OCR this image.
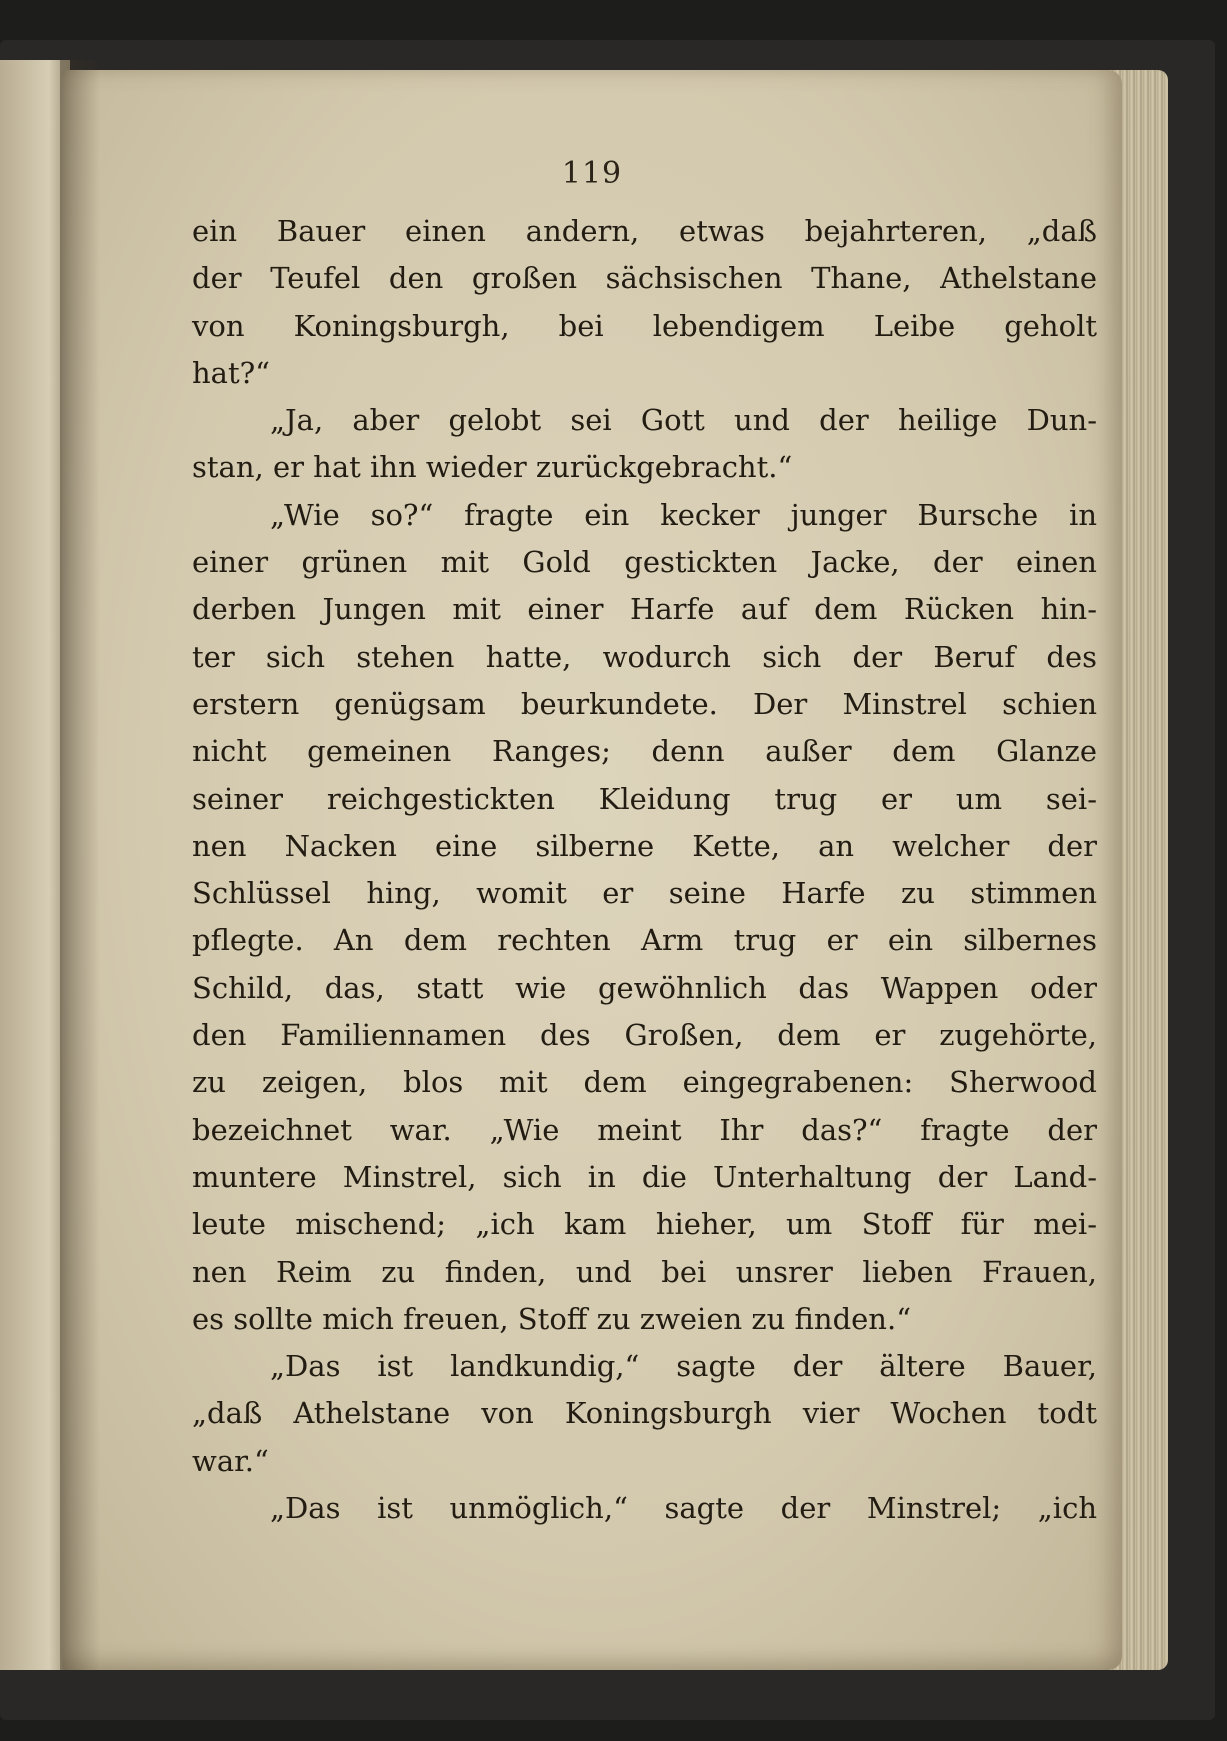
119
ein Bauer einen andern, etwas bejahrteren, „daß
der Teufel den großen sächsischen Thane, Athelstane
von Koningsburgh, bei lebendigem Leibe geholt
hat?“
„Ja, aber gelobt sei Gott und der heilige Dun-
stan, er hat ihn wieder zurückgebracht.“
„Wie so?“ fragte ein kecker junger Bursche in
einer grünen mit Gold gestickten Jacke, der einen
derben Jungen mit einer Harfe auf dem Rücken hin-
ter sich stehen hatte, wodurch sich der Beruf des
erstern genügsam beurkundete. Der Minstrel schien
nicht gemeinen Ranges; denn außer dem Glanze
seiner reichgestickten Kleidung trug er um sei-
nen Nacken eine silberne Kette, an welcher der
Schlüssel hing, womit er seine Harfe zu stimmen
pflegte. An dem rechten Arm trug er ein silbernes
Schild, das, statt wie gewöhnlich das Wappen oder
den Familiennamen des Großen, dem er zugehörte,
zu zeigen, blos mit dem eingegrabenen: Sherwood
bezeichnet war. „Wie meint Ihr das?“ fragte der
muntere Minstrel, sich in die Unterhaltung der Land-
leute mischend; „ich kam hieher, um Stoff für mei-
nen Reim zu finden, und bei unsrer lieben Frauen,
es sollte mich freuen, Stoff zu zweien zu finden.“
„Das ist landkundig,“ sagte der ältere Bauer,
„daß Athelstane von Koningsburgh vier Wochen todt
war.“
„Das ist unmöglich,“ sagte der Minstrel; „ich
